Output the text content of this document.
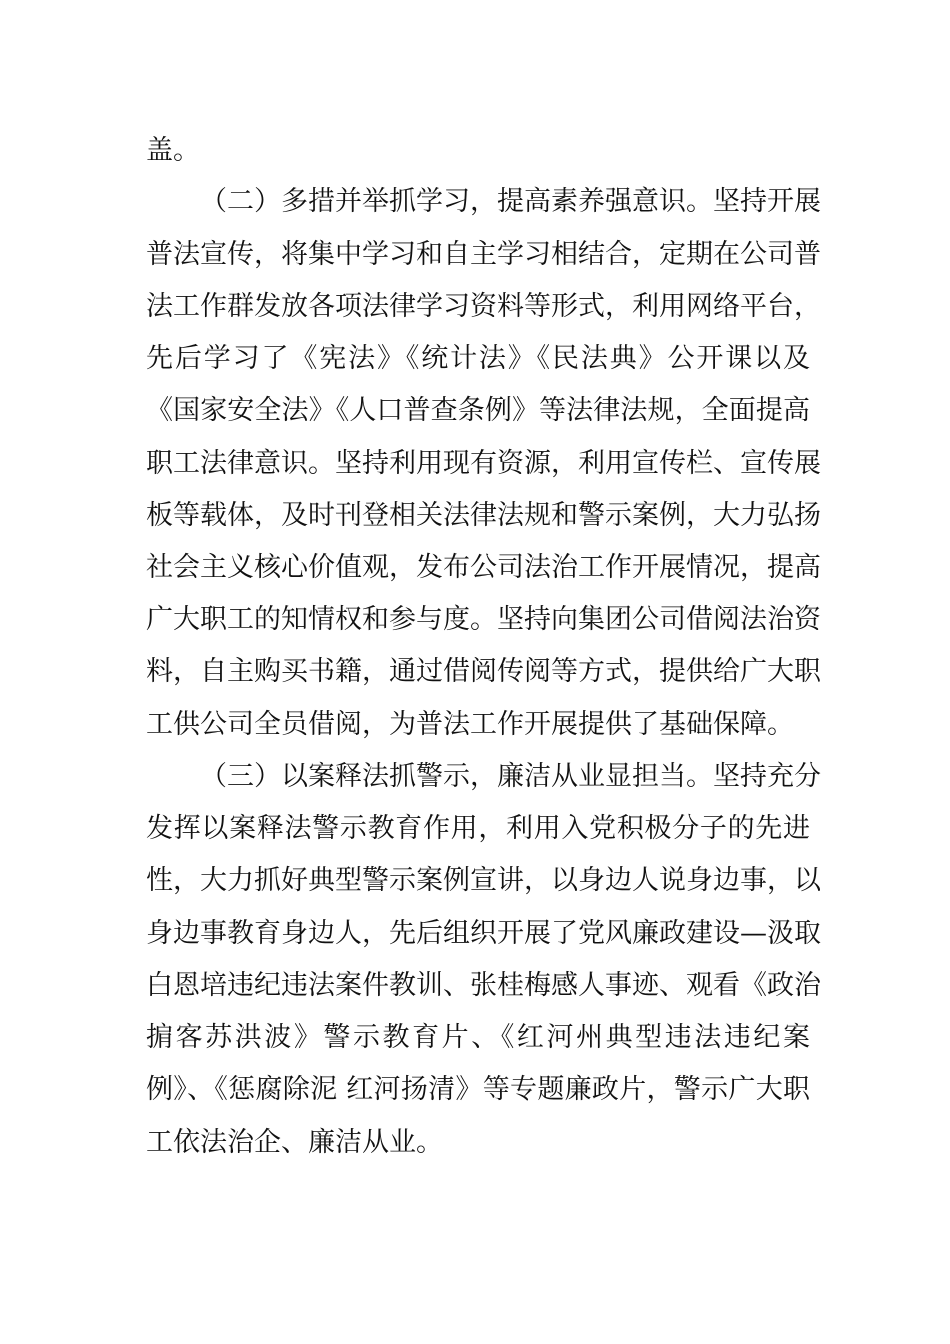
盖。
（二）多措并举抓学习，提高素养强意识。坚持开展
普法宣传，将集中学习和自主学习相结合，定期在公司普
法工作群发放各项法律学习资料等形式，利用网络平台，
先后学习了《宪法》《统计法》《民法典》公开课以及
《国家安全法》《人口普查条例》等法律法规，全面提高
职工法律意识。坚持利用现有资源，利用宣传栏、宣传展
板等载体，及时刊登相关法律法规和警示案例，大力弘扬
社会主义核心价值观，发布公司法治工作开展情况，提高
广大职工的知情权和参与度。坚持向集团公司借阅法治资
料，自主购买书籍，通过借阅传阅等方式，提供给广大职
工供公司全员借阅，为普法工作开展提供了基础保障。
（三）以案释法抓警示，廉洁从业显担当。坚持充分
发挥以案释法警示教育作用，利用入党积极分子的先进
性，大力抓好典型警示案例宣讲，以身边人说身边事，以
身边事教育身边人，先后组织开展了党风廉政建设—汲取
白恩培违纪违法案件教训、张桂梅感人事迹、观看《政治
掮客苏洪波》警示教育片、《红河州典型违法违纪案
例》、《惩腐除泥 红河扬清》等专题廉政片，警示广大职
工依法治企、廉洁从业。
